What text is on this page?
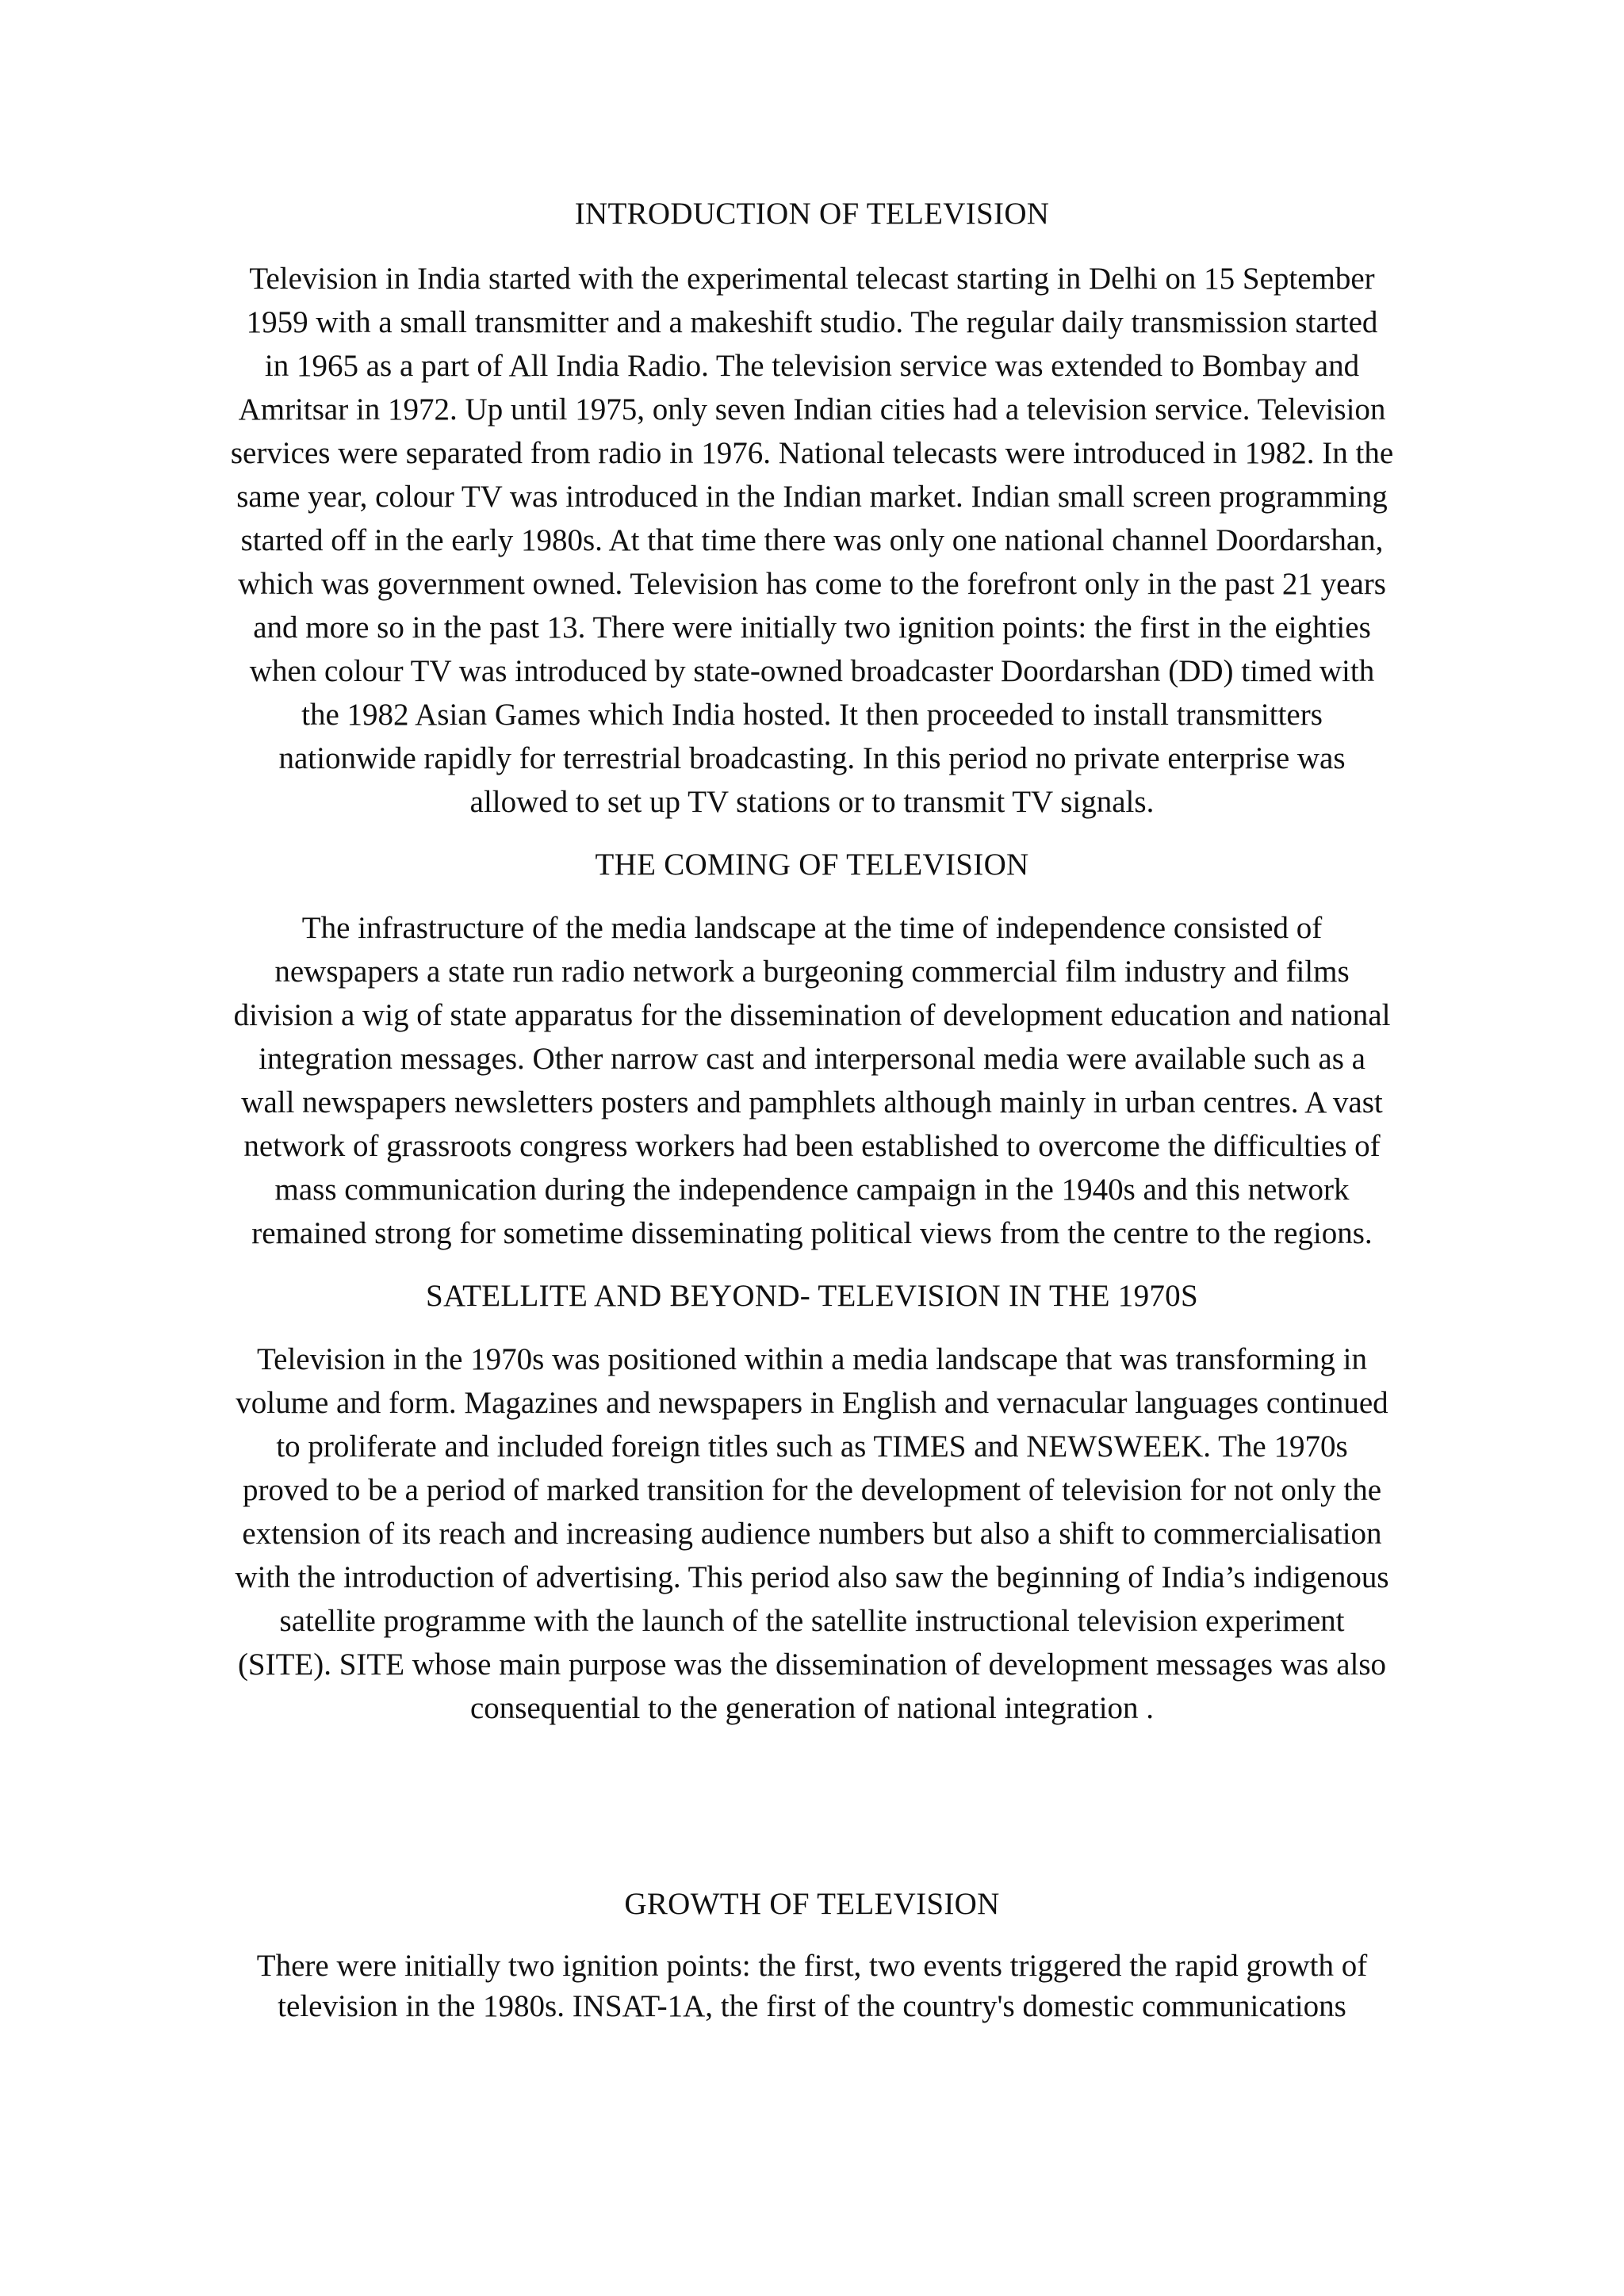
INTRODUCTION OF TELEVISION

Television in India started with the experimental telecast starting in Delhi on 15 September
1959 with a small transmitter and a makeshift studio. The regular daily transmission started
in 1965 as a part of All India Radio. The television service was extended to Bombay and
Amritsar in 1972. Up until 1975, only seven Indian cities had a television service. Television
services were separated from radio in 1976. National telecasts were introduced in 1982. In the
same year, colour TV was introduced in the Indian market. Indian small screen programming
started off in the early 1980s. At that time there was only one national channel Doordarshan,
which was government owned. Television has come to the forefront only in the past 21 years
and more so in the past 13. There were initially two ignition points: the first in the eighties
when colour TV was introduced by state-owned broadcaster Doordarshan (DD) timed with
the 1982 Asian Games which India hosted. It then proceeded to install transmitters
nationwide rapidly for terrestrial broadcasting. In this period no private enterprise was
allowed to set up TV stations or to transmit TV signals.

THE COMING OF TELEVISION

The infrastructure of the media landscape at the time of independence consisted of
newspapers a state run radio network a burgeoning commercial film industry and films
division a wig of state apparatus for the dissemination of development education and national
integration messages. Other narrow cast and interpersonal media were available such as a
wall newspapers newsletters posters and pamphlets although mainly in urban centres. A vast
network of grassroots congress workers had been established to overcome the difficulties of
mass communication during the independence campaign in the 1940s and this network
remained strong for sometime disseminating political views from the centre to the regions.

SATELLITE AND BEYOND- TELEVISION IN THE 1970S

Television in the 1970s was positioned within a media landscape that was transforming in
volume and form. Magazines and newspapers in English and vernacular languages continued
to proliferate and included foreign titles such as TIMES and NEWSWEEK. The 1970s
proved to be a period of marked transition for the development of television for not only the
extension of its reach and increasing audience numbers but also a shift to commercialisation
with the introduction of advertising. This period also saw the beginning of India’s indigenous
satellite programme with the launch of the satellite instructional television experiment
(SITE). SITE whose main purpose was the dissemination of development messages was also
consequential to the generation of national integration .

GROWTH OF TELEVISION

There were initially two ignition points: the first, two events triggered the rapid growth of
television in the 1980s. INSAT-1A, the first of the country's domestic communications
